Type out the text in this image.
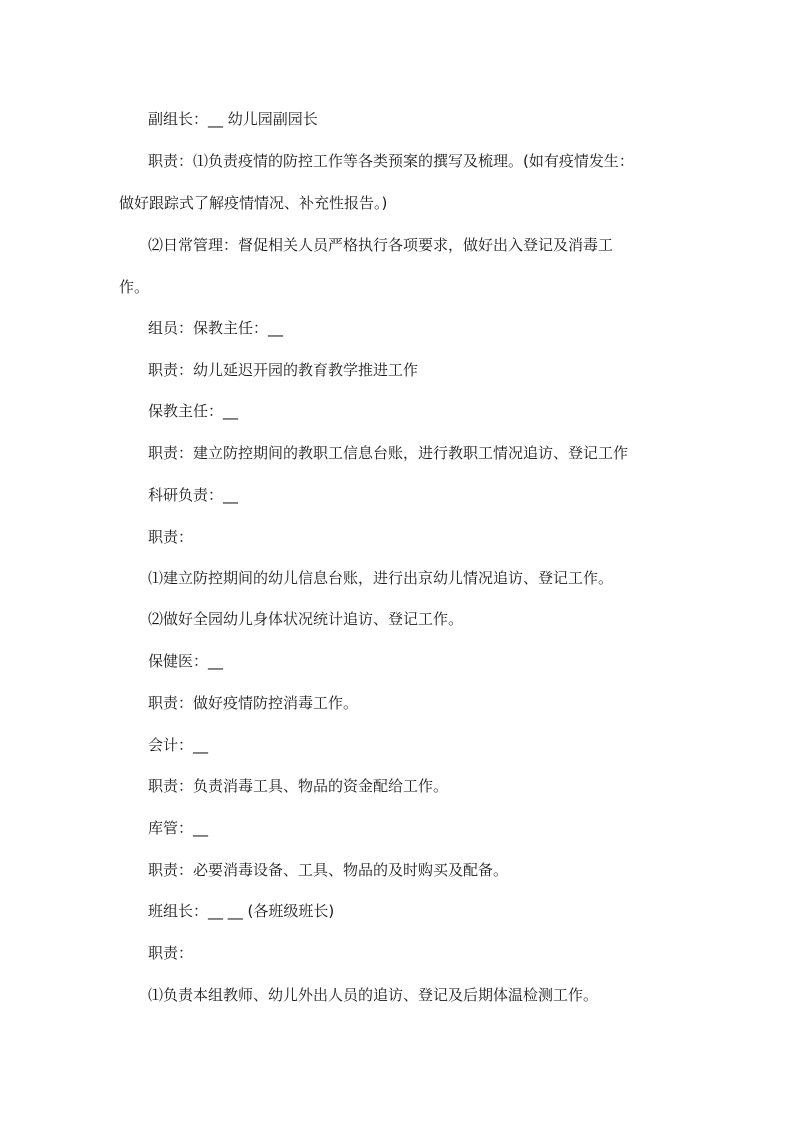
副组长：__ 幼儿园副园长
职责：⑴负责疫情的防控工作等各类预案的撰写及梳理。(如有疫情发生：
做好跟踪式了解疫情情况、补充性报告。)
⑵日常管理：督促相关人员严格执行各项要求，做好出入登记及消毒工
作。
组员：保教主任：__
职责：幼儿延迟开园的教育教学推进工作
保教主任：__
职责：建立防控期间的教职工信息台账，进行教职工情况追访、登记工作
科研负责：__
职责：
⑴建立防控期间的幼儿信息台账，进行出京幼儿情况追访、登记工作。
⑵做好全园幼儿身体状况统计追访、登记工作。
保健医：__
职责：做好疫情防控消毒工作。
会计：__
职责：负责消毒工具、物品的资金配给工作。
库管：__
职责：必要消毒设备、工具、物品的及时购买及配备。
班组长：__ __ (各班级班长)
职责：
⑴负责本组教师、幼儿外出人员的追访、登记及后期体温检测工作。
